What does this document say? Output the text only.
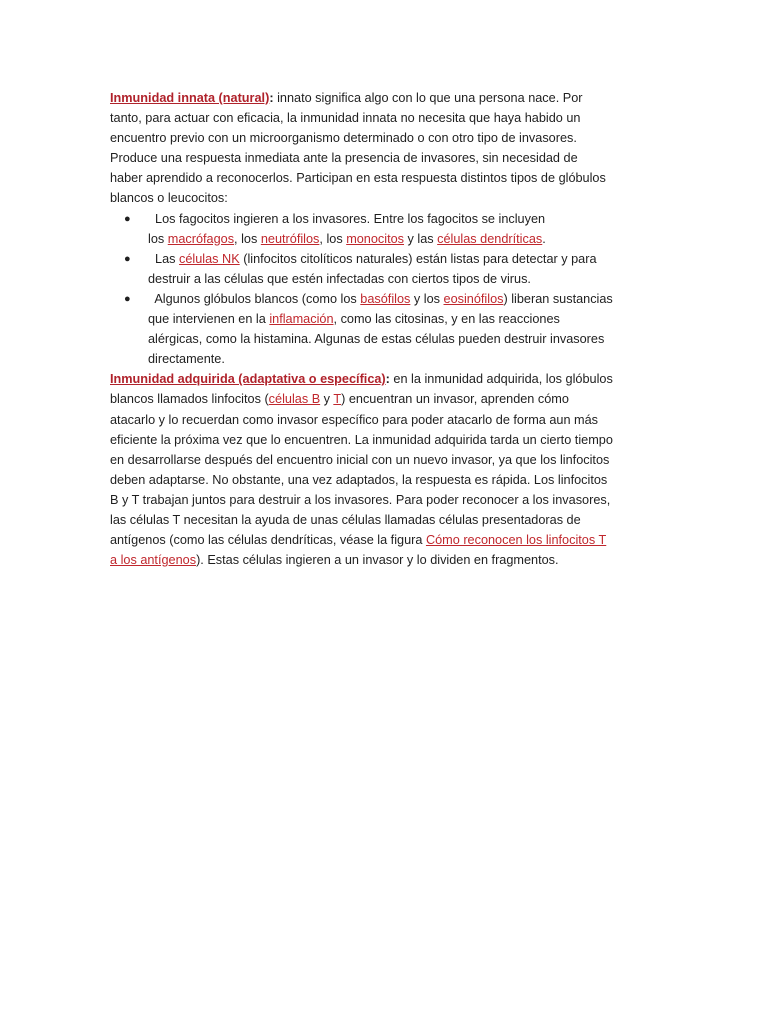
Inmunidad innata (natural): innato significa algo con lo que una persona nace. Por
tanto, para actuar con eficacia, la inmunidad innata no necesita que haya habido un
encuentro previo con un microorganismo determinado o con otro tipo de invasores.
Produce una respuesta inmediata ante la presencia de invasores, sin necesidad de
haber aprendido a reconocerlos. Participan en esta respuesta distintos tipos de glóbulos
blancos o leucocitos:
● Los fagocitos ingieren a los invasores. Entre los fagocitos se incluyen
los macrófagos, los neutrófilos, los monocitos y las células dendríticas.
● Las células NK (linfocitos citolíticos naturales) están listas para detectar y para
destruir a las células que estén infectadas con ciertos tipos de virus.
● Algunos glóbulos blancos (como los basófilos y los eosinófilos) liberan sustancias
que intervienen en la inflamación, como las citosinas, y en las reacciones
alérgicas, como la histamina. Algunas de estas células pueden destruir invasores
directamente.
Inmunidad adquirida (adaptativa o específica): en la inmunidad adquirida, los glóbulos
blancos llamados linfocitos (células B y T) encuentran un invasor, aprenden cómo
atacarlo y lo recuerdan como invasor específico para poder atacarlo de forma aun más
eficiente la próxima vez que lo encuentren. La inmunidad adquirida tarda un cierto tiempo
en desarrollarse después del encuentro inicial con un nuevo invasor, ya que los linfocitos
deben adaptarse. No obstante, una vez adaptados, la respuesta es rápida. Los linfocitos
B y T trabajan juntos para destruir a los invasores. Para poder reconocer a los invasores,
las células T necesitan la ayuda de unas células llamadas células presentadoras de
antígenos (como las células dendríticas, véase la figura Cómo reconocen los linfocitos T
a los antígenos). Estas células ingieren a un invasor y lo dividen en fragmentos.
